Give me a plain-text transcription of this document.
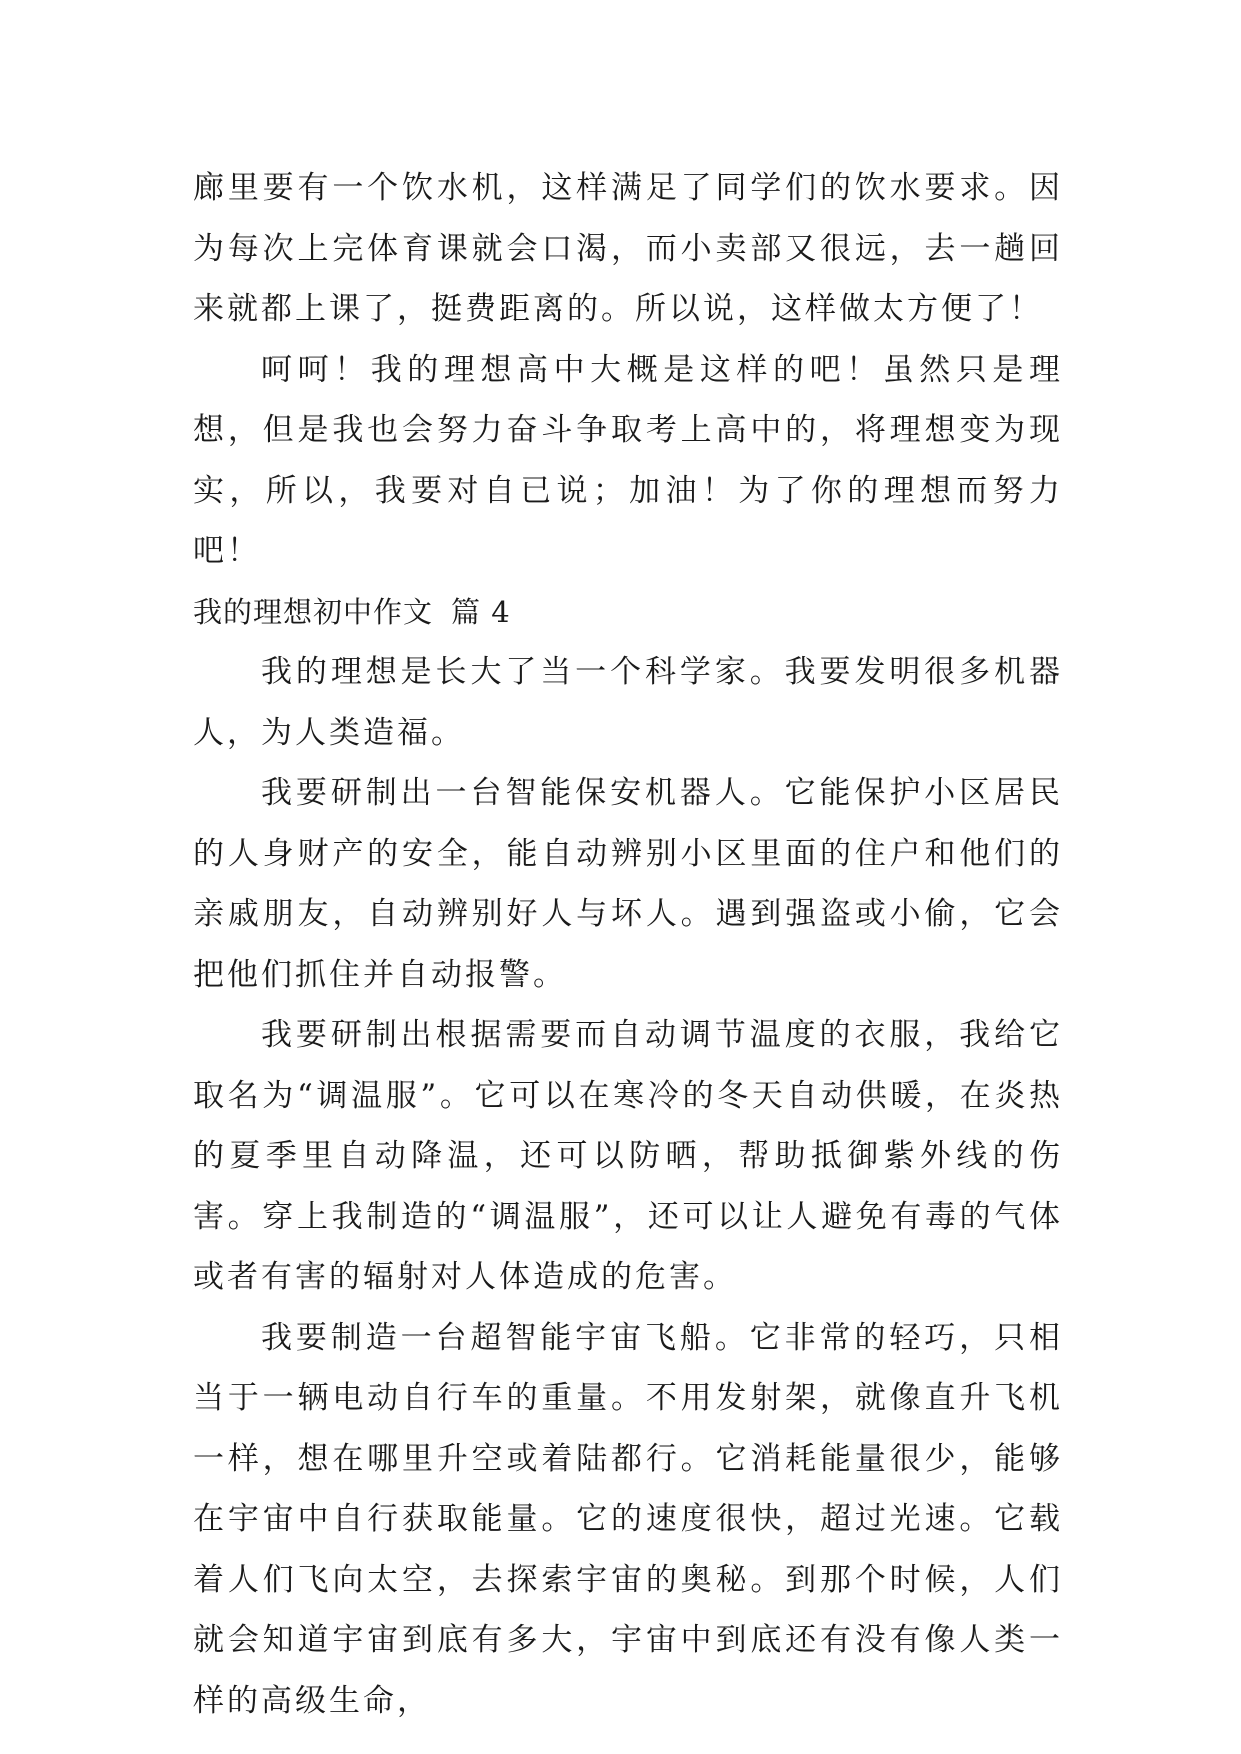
廊里要有一个饮水机，这样满足了同学们的饮水要求。因为每次上完体育课就会口渴，而小卖部又很远，去一趟回来就都上课了，挺费距离的。所以说，这样做太方便了！

呵呵！我的理想高中大概是这样的吧！虽然只是理想，但是我也会努力奋斗争取考上高中的，将理想变为现实，所以，我要对自已说；加油！为了你的理想而努力吧！

我的理想初中作文 篇 4

我的理想是长大了当一个科学家。我要发明很多机器人，为人类造福。

我要研制出一台智能保安机器人。它能保护小区居民的人身财产的安全，能自动辨别小区里面的住户和他们的亲戚朋友，自动辨别好人与坏人。遇到强盗或小偷，它会把他们抓住并自动报警。

我要研制出根据需要而自动调节温度的衣服，我给它取名为“调温服”。它可以在寒冷的冬天自动供暖，在炎热的夏季里自动降温，还可以防晒，帮助抵御紫外线的伤害。穿上我制造的“调温服”，还可以让人避免有毒的气体或者有害的辐射对人体造成的危害。

我要制造一台超智能宇宙飞船。它非常的轻巧，只相当于一辆电动自行车的重量。不用发射架，就像直升飞机一样，想在哪里升空或着陆都行。它消耗能量很少，能够在宇宙中自行获取能量。它的速度很快，超过光速。它载着人们飞向太空，去探索宇宙的奥秘。到那个时候，人们就会知道宇宙到底有多大，宇宙中到底还有没有像人类一样的高级生命，
